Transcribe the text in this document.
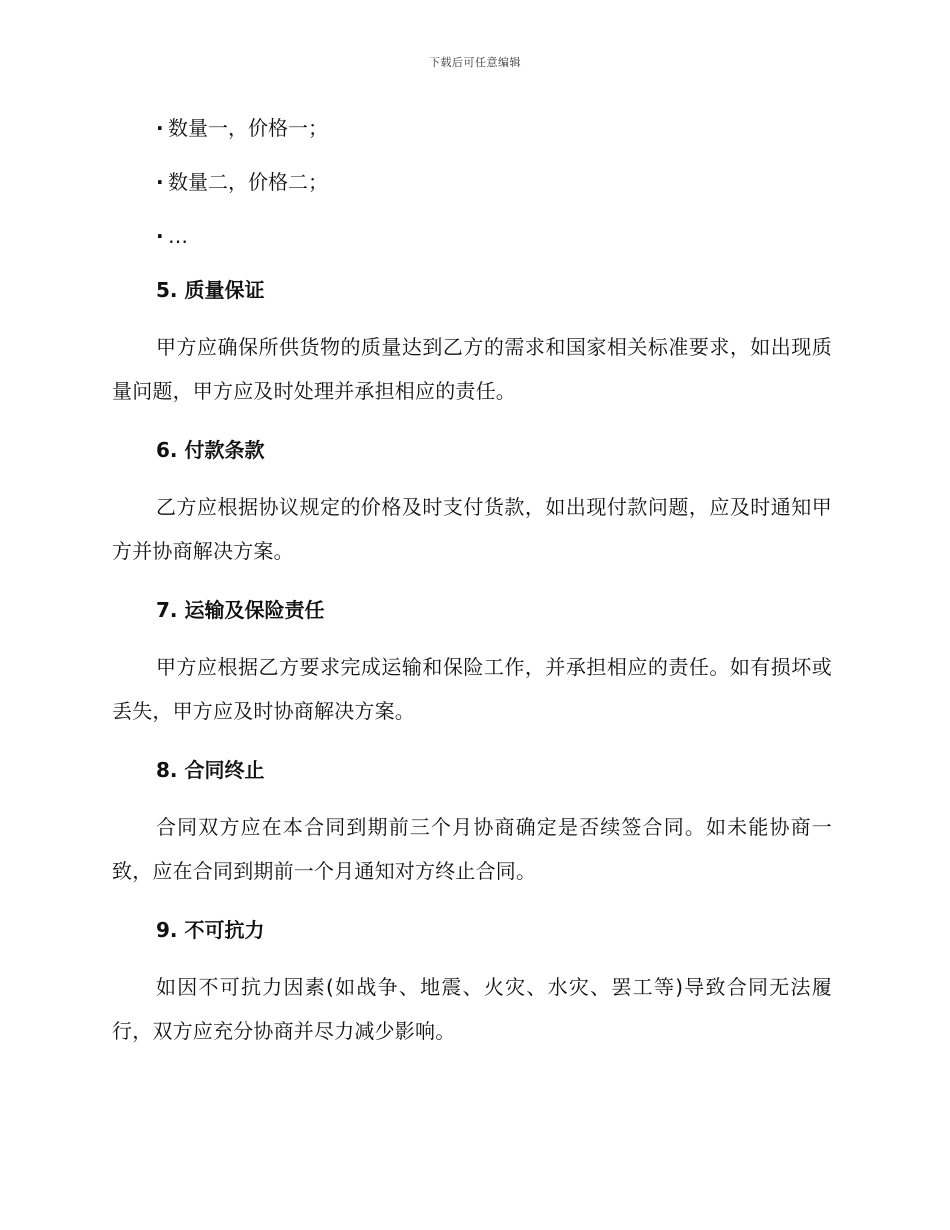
下载后可任意编辑
· 数量一，价格一；
· 数量二，价格二；
· …
5. 质量保证
甲方应确保所供货物的质量达到乙方的需求和国家相关标准要求，如出现质量问题，甲方应及时处理并承担相应的责任。
6. 付款条款
乙方应根据协议规定的价格及时支付货款，如出现付款问题，应及时通知甲方并协商解决方案。
7. 运输及保险责任
甲方应根据乙方要求完成运输和保险工作，并承担相应的责任。如有损坏或丢失，甲方应及时协商解决方案。
8. 合同终止
合同双方应在本合同到期前三个月协商确定是否续签合同。如未能协商一致，应在合同到期前一个月通知对方终止合同。
9. 不可抗力
如因不可抗力因素(如战争、地震、火灾、水灾、罢工等)导致合同无法履行，双方应充分协商并尽力减少影响。
